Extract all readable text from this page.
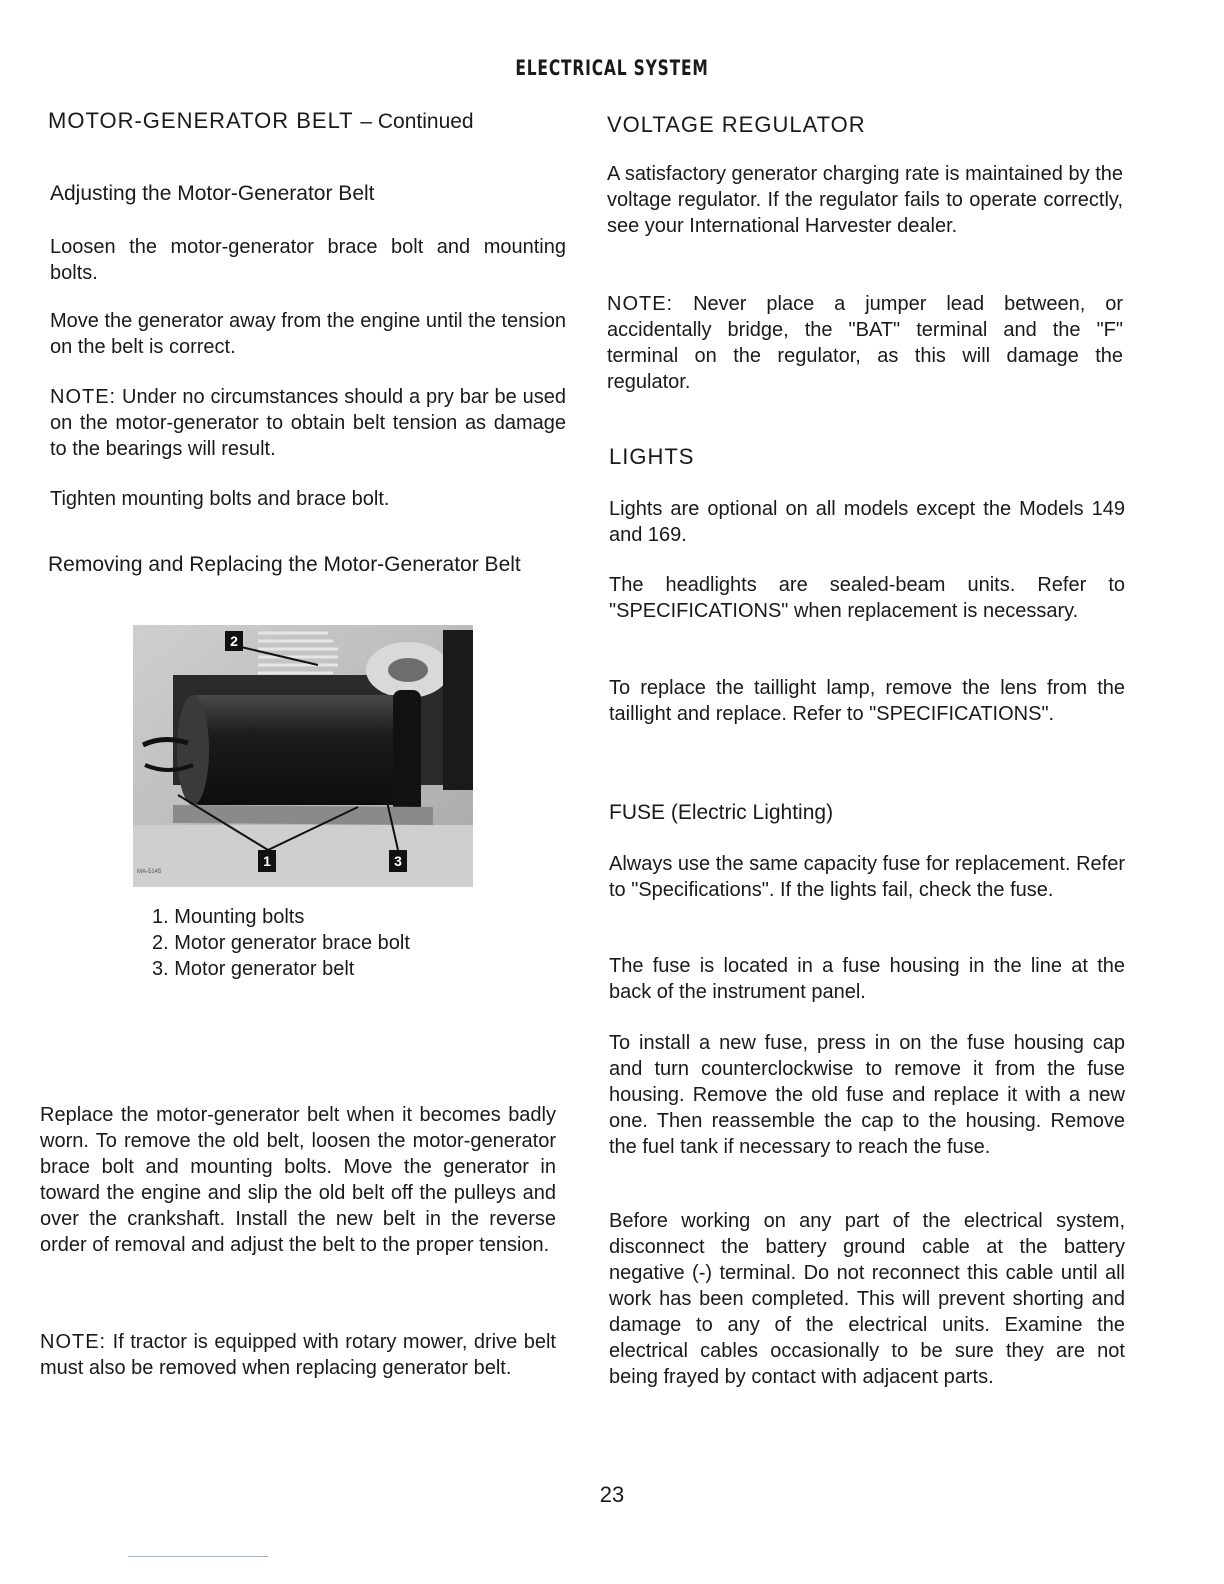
ELECTRICAL SYSTEM
MOTOR-GENERATOR BELT – Continued
Adjusting the Motor-Generator Belt
Loosen the motor-generator brace bolt and mounting bolts.
Move the generator away from the engine until the tension on the belt is correct.
NOTE: Under no circumstances should a pry bar be used on the motor-generator to obtain belt tension as damage to the bearings will result.
Tighten mounting bolts and brace bolt.
Removing and Replacing the Motor-Generator Belt
2
1	3
MA-5145
1. Mounting bolts
2. Motor generator brace bolt
3. Motor generator belt
Replace the motor-generator belt when it becomes badly worn. To remove the old belt, loosen the motor-generator brace bolt and mounting bolts. Move the generator in toward the engine and slip the old belt off the pulleys and over the crankshaft. Install the new belt in the reverse order of removal and adjust the belt to the proper tension.
NOTE: If tractor is equipped with rotary mower, drive belt must also be removed when replacing generator belt.
VOLTAGE REGULATOR
A satisfactory generator charging rate is maintained by the voltage regulator. If the regulator fails to operate correctly, see your International Harvester dealer.
NOTE: Never place a jumper lead between, or accidentally bridge, the "BAT" terminal and the "F" terminal on the regulator, as this will damage the regulator.
LIGHTS
Lights are optional on all models except the Models 149 and 169.
The headlights are sealed-beam units. Refer to "SPECIFICATIONS" when replacement is necessary.
To replace the taillight lamp, remove the lens from the taillight and replace. Refer to "SPECIFICATIONS".
FUSE (Electric Lighting)
Always use the same capacity fuse for replacement. Refer to "Specifications". If the lights fail, check the fuse.
The fuse is located in a fuse housing in the line at the back of the instrument panel.
To install a new fuse, press in on the fuse housing cap and turn counterclockwise to remove it from the fuse housing. Remove the old fuse and replace it with a new one. Then reassemble the cap to the housing. Remove the fuel tank if necessary to reach the fuse.
Before working on any part of the electrical system, disconnect the battery ground cable at the battery negative (-) terminal. Do not reconnect this cable until all work has been completed. This will prevent shorting and damage to any of the electrical units. Examine the electrical cables occasionally to be sure they are not being frayed by contact with adjacent parts.
23
